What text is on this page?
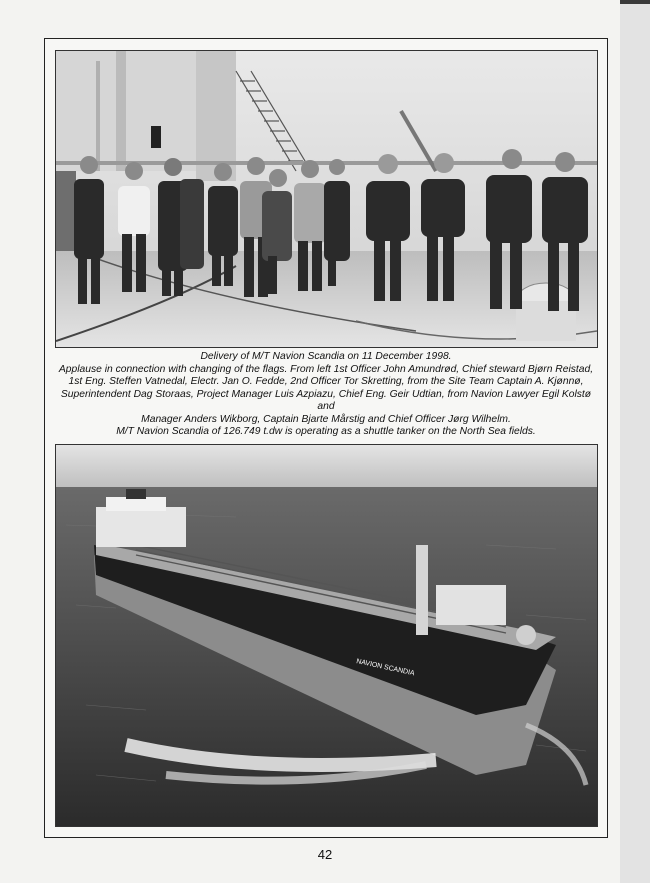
Delivery of M/T Navion Scandia on 11 December 1998.
Applause in connection with changing of the flags. From left 1st Officer John Amundrød, Chief steward Bjørn Reistad,
1st Eng. Steffen Vatnedal, Electr. Jan O. Fedde, 2nd Officer Tor Skretting, from the Site Team Captain A. Kjønnø,
Superintendent Dag Storaas, Project Manager Luis Azpiazu, Chief Eng. Geir Udtian, from Navion Lawyer Egil Kolstø and
Manager Anders Wikborg, Captain Bjarte Mårstig and Chief Officer Jørg Wilhelm.
M/T Navion Scandia of 126.749 t.dw is operating as a shuttle tanker on the North Sea fields.
NAVION SCANDIA
42
